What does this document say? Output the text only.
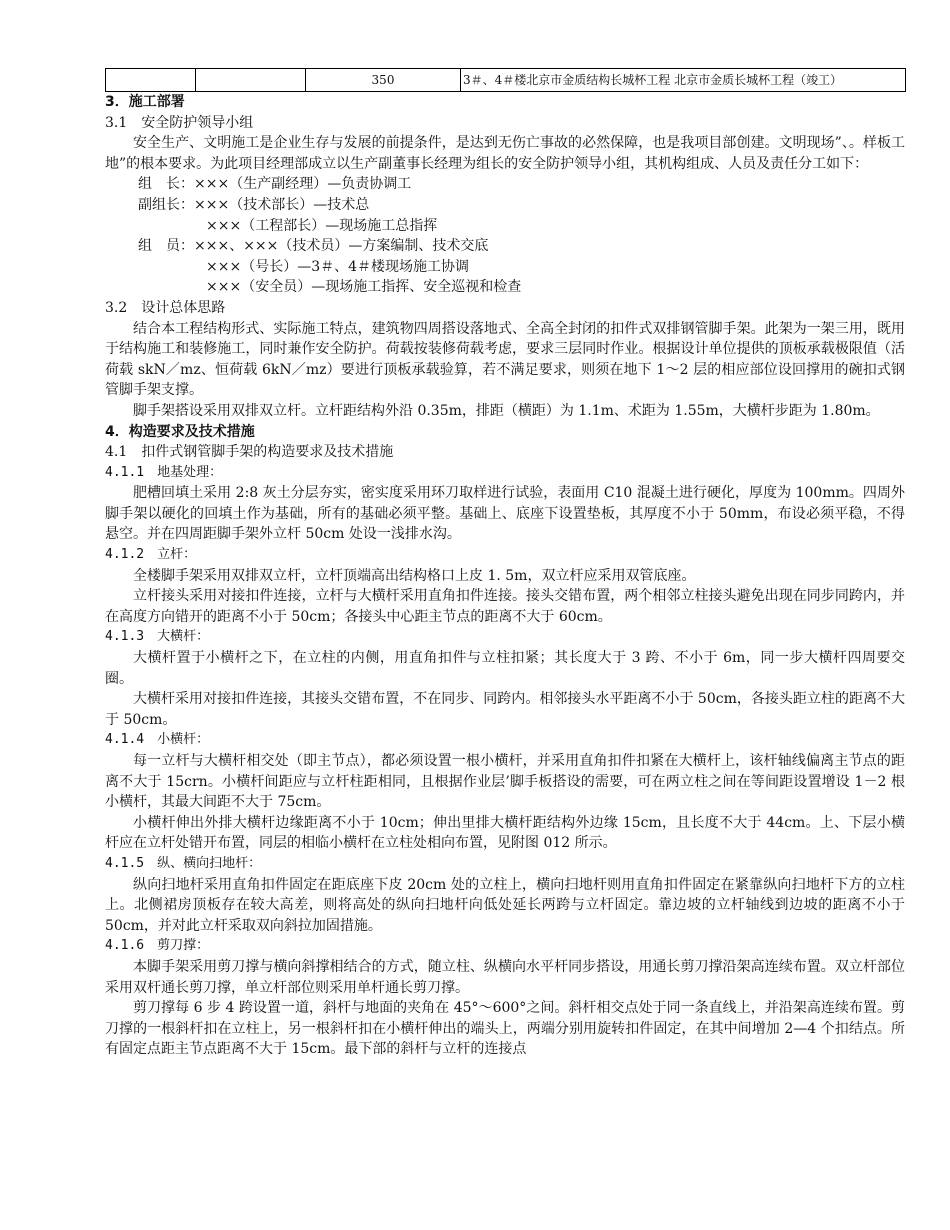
		350	3＃、4＃楼北京市金质结构长城杯工程 北京市金质长城杯工程（竣工）
3．施工部署
3.1　安全防护领导小组

安全生产、文明施工是企业生存与发展的前提条件，是达到无伤亡事故的必然保障，也是我项目部创建。文明现场”、。样板工地”的根本要求。为此项目经理部成立以生产副董事长经理为组长的安全防护领导小组，其机构组成、人员及责任分工如下：

组　长：×××（生产副经理）—负责协调工
副组长：×××（技术部长）—技术总
×××（工程部长）—现场施工总指挥
组　员：×××、×××（技术员）—方案编制、技术交底
×××（号长）—3＃、4＃楼现场施工协调
×××（安全员）—现场施工指挥、安全巡视和检查
3.2　设计总体思路

结合本工程结构形式、实际施工特点，建筑物四周搭设落地式、全高全封闭的扣件式双排钢管脚手架。此架为一架三用，既用于结构施工和装修施工，同时兼作安全防护。荷载按装修荷载考虑，要求三层同时作业。根据设计单位提供的顶板承载极限值（活荷载 skN／mz、恒荷载 6kN／mz）要进行顶板承载验算，若不满足要求，则须在地下 1～2 层的相应部位设回撑用的碗扣式钢管脚手架支撑。

脚手架搭设采用双排双立杆。立杆距结构外沿 0.35m，排距（横距）为 1.1m、术距为 1.55m，大横杆步距为 1.80m。

4．构造要求及技术措施
4.1　扣件式钢管脚手架的构造要求及技术措施
4.1.1　地基处理：

肥槽回填土采用 2:8 灰土分层夯实，密实度采用环刀取样进行试验，表面用 C10 混凝土进行硬化，厚度为 100mm。四周外脚手架以硬化的回填土作为基础，所有的基础必须平整。基础上、底座下设置垫板，其厚度不小于 50mm，布设必须平稳，不得悬空。并在四周距脚手架外立杆 50cm 处设一浅排水沟。

4.1.2　立杆：

全楼脚手架采用双排双立杆，立杆顶端高出结构格口上皮 1. 5m，双立杆应采用双管底座。

立杆接头采用对接扣件连接，立杆与大横杆采用直角扣件连接。接头交错布置，两个相邻立柱接头避免出现在同步同跨内，并在高度方向错开的距离不小于 50cm；各接头中心距主节点的距离不大于 60cm。

4.1.3　大横杆：

大横杆置于小横杆之下，在立柱的内侧，用直角扣件与立柱扣紧；其长度大于 3 跨、不小于 6m，同一步大横杆四周要交圈。

大横杆采用对接扣件连接，其接头交错布置，不在同步、同跨内。相邻接头水平距离不小于 50cm，各接头距立柱的距离不大于 50cm。

4.1.4　小横杆：

每一立杆与大横杆相交处（即主节点），都必须设置一根小横杆，并采用直角扣件扣紧在大横杆上，该杆轴线偏离主节点的距离不大于 15crn。小横杆间距应与立杆柱距相同，且根据作业层’脚手板搭设的需要，可在两立柱之间在等间距设置增设 1－2 根小横杆，其最大间距不大于 75cm。

小横杆伸出外排大横杆边缘距离不小于 10cm；伸出里排大横杆距结构外边缘 15cm，且长度不大于 44cm。上、下层小横杆应在立杆处错开布置，同层的相临小横杆在立柱处相向布置，见附图 012 所示。

4.1.5　纵、横向扫地杆：

纵向扫地杆采用直角扣件固定在距底座下皮 20cm 处的立柱上，横向扫地杆则用直角扣件固定在紧靠纵向扫地杆下方的立柱上。北侧裙房顶板存在较大高差，则将高处的纵向扫地杆向低处延长两跨与立杆固定。靠边坡的立杆轴线到边坡的距离不小于 50cm，并对此立杆采取双向斜拉加固措施。

4.1.6　剪刀撑：

本脚手架采用剪刀撑与横向斜撑相结合的方式，随立柱、纵横向水平杆同步搭设，用通长剪刀撑沿架高连续布置。双立杆部位采用双杆通长剪刀撑，单立杆部位则采用单杆通长剪刀撑。

剪刀撑每 6 步 4 跨设置一道，斜杆与地面的夹角在 45°～600°之间。斜杆相交点处于同一条直线上，并沿架高连续布置。剪刀撑的一根斜杆扣在立柱上，另一根斜杆扣在小横杆伸出的端头上，两端分别用旋转扣件固定，在其中间增加 2—4 个扣结点。所有固定点距主节点距离不大于 15cm。最下部的斜杆与立杆的连接点
